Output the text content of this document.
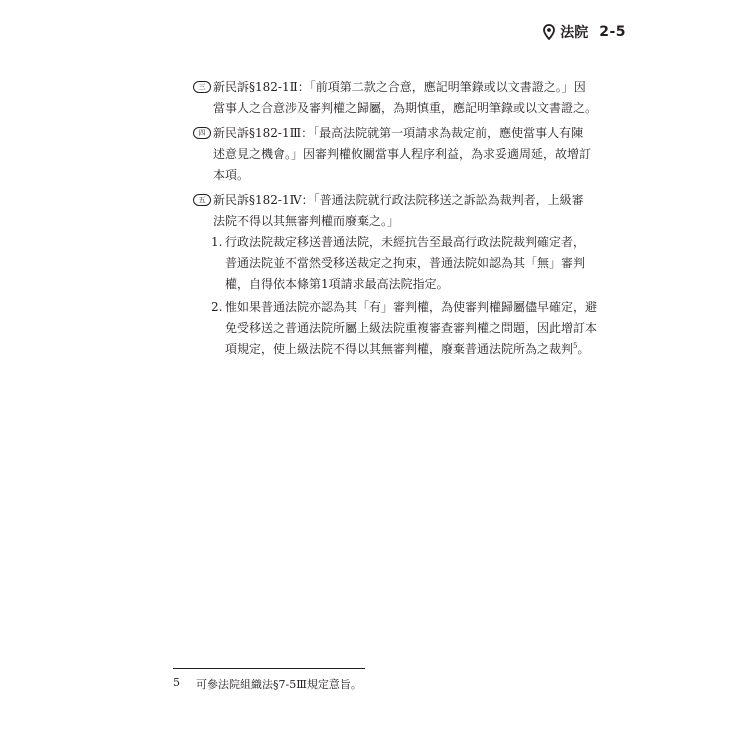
法院 2-5
三 新民訴§182-1Ⅱ：「前項第二款之合意，應記明筆錄或以文書證之。」因
當事人之合意涉及審判權之歸屬，為期慎重，應記明筆錄或以文書證之。
四 新民訴§182-1Ⅲ：「最高法院就第一項請求為裁定前，應使當事人有陳
述意見之機會。」因審判權攸關當事人程序利益，為求妥適周延，故增訂
本項。
五 新民訴§182-1Ⅳ：「普通法院就行政法院移送之訴訟為裁判者，上級審
法院不得以其無審判權而廢棄之。」
1. 行政法院裁定移送普通法院，未經抗告至最高行政法院裁判確定者，
普通法院並不當然受移送裁定之拘束，普通法院如認為其「無」審判
權，自得依本條第1項請求最高法院指定。
2. 惟如果普通法院亦認為其「有」審判權，為使審判權歸屬儘早確定，避
免受移送之普通法院所屬上級法院重複審查審判權之問題，因此增訂本
項規定，使上級法院不得以其無審判權，廢棄普通法院所為之裁判$^5$。
5 可參法院組織法§7-5Ⅲ規定意旨。
